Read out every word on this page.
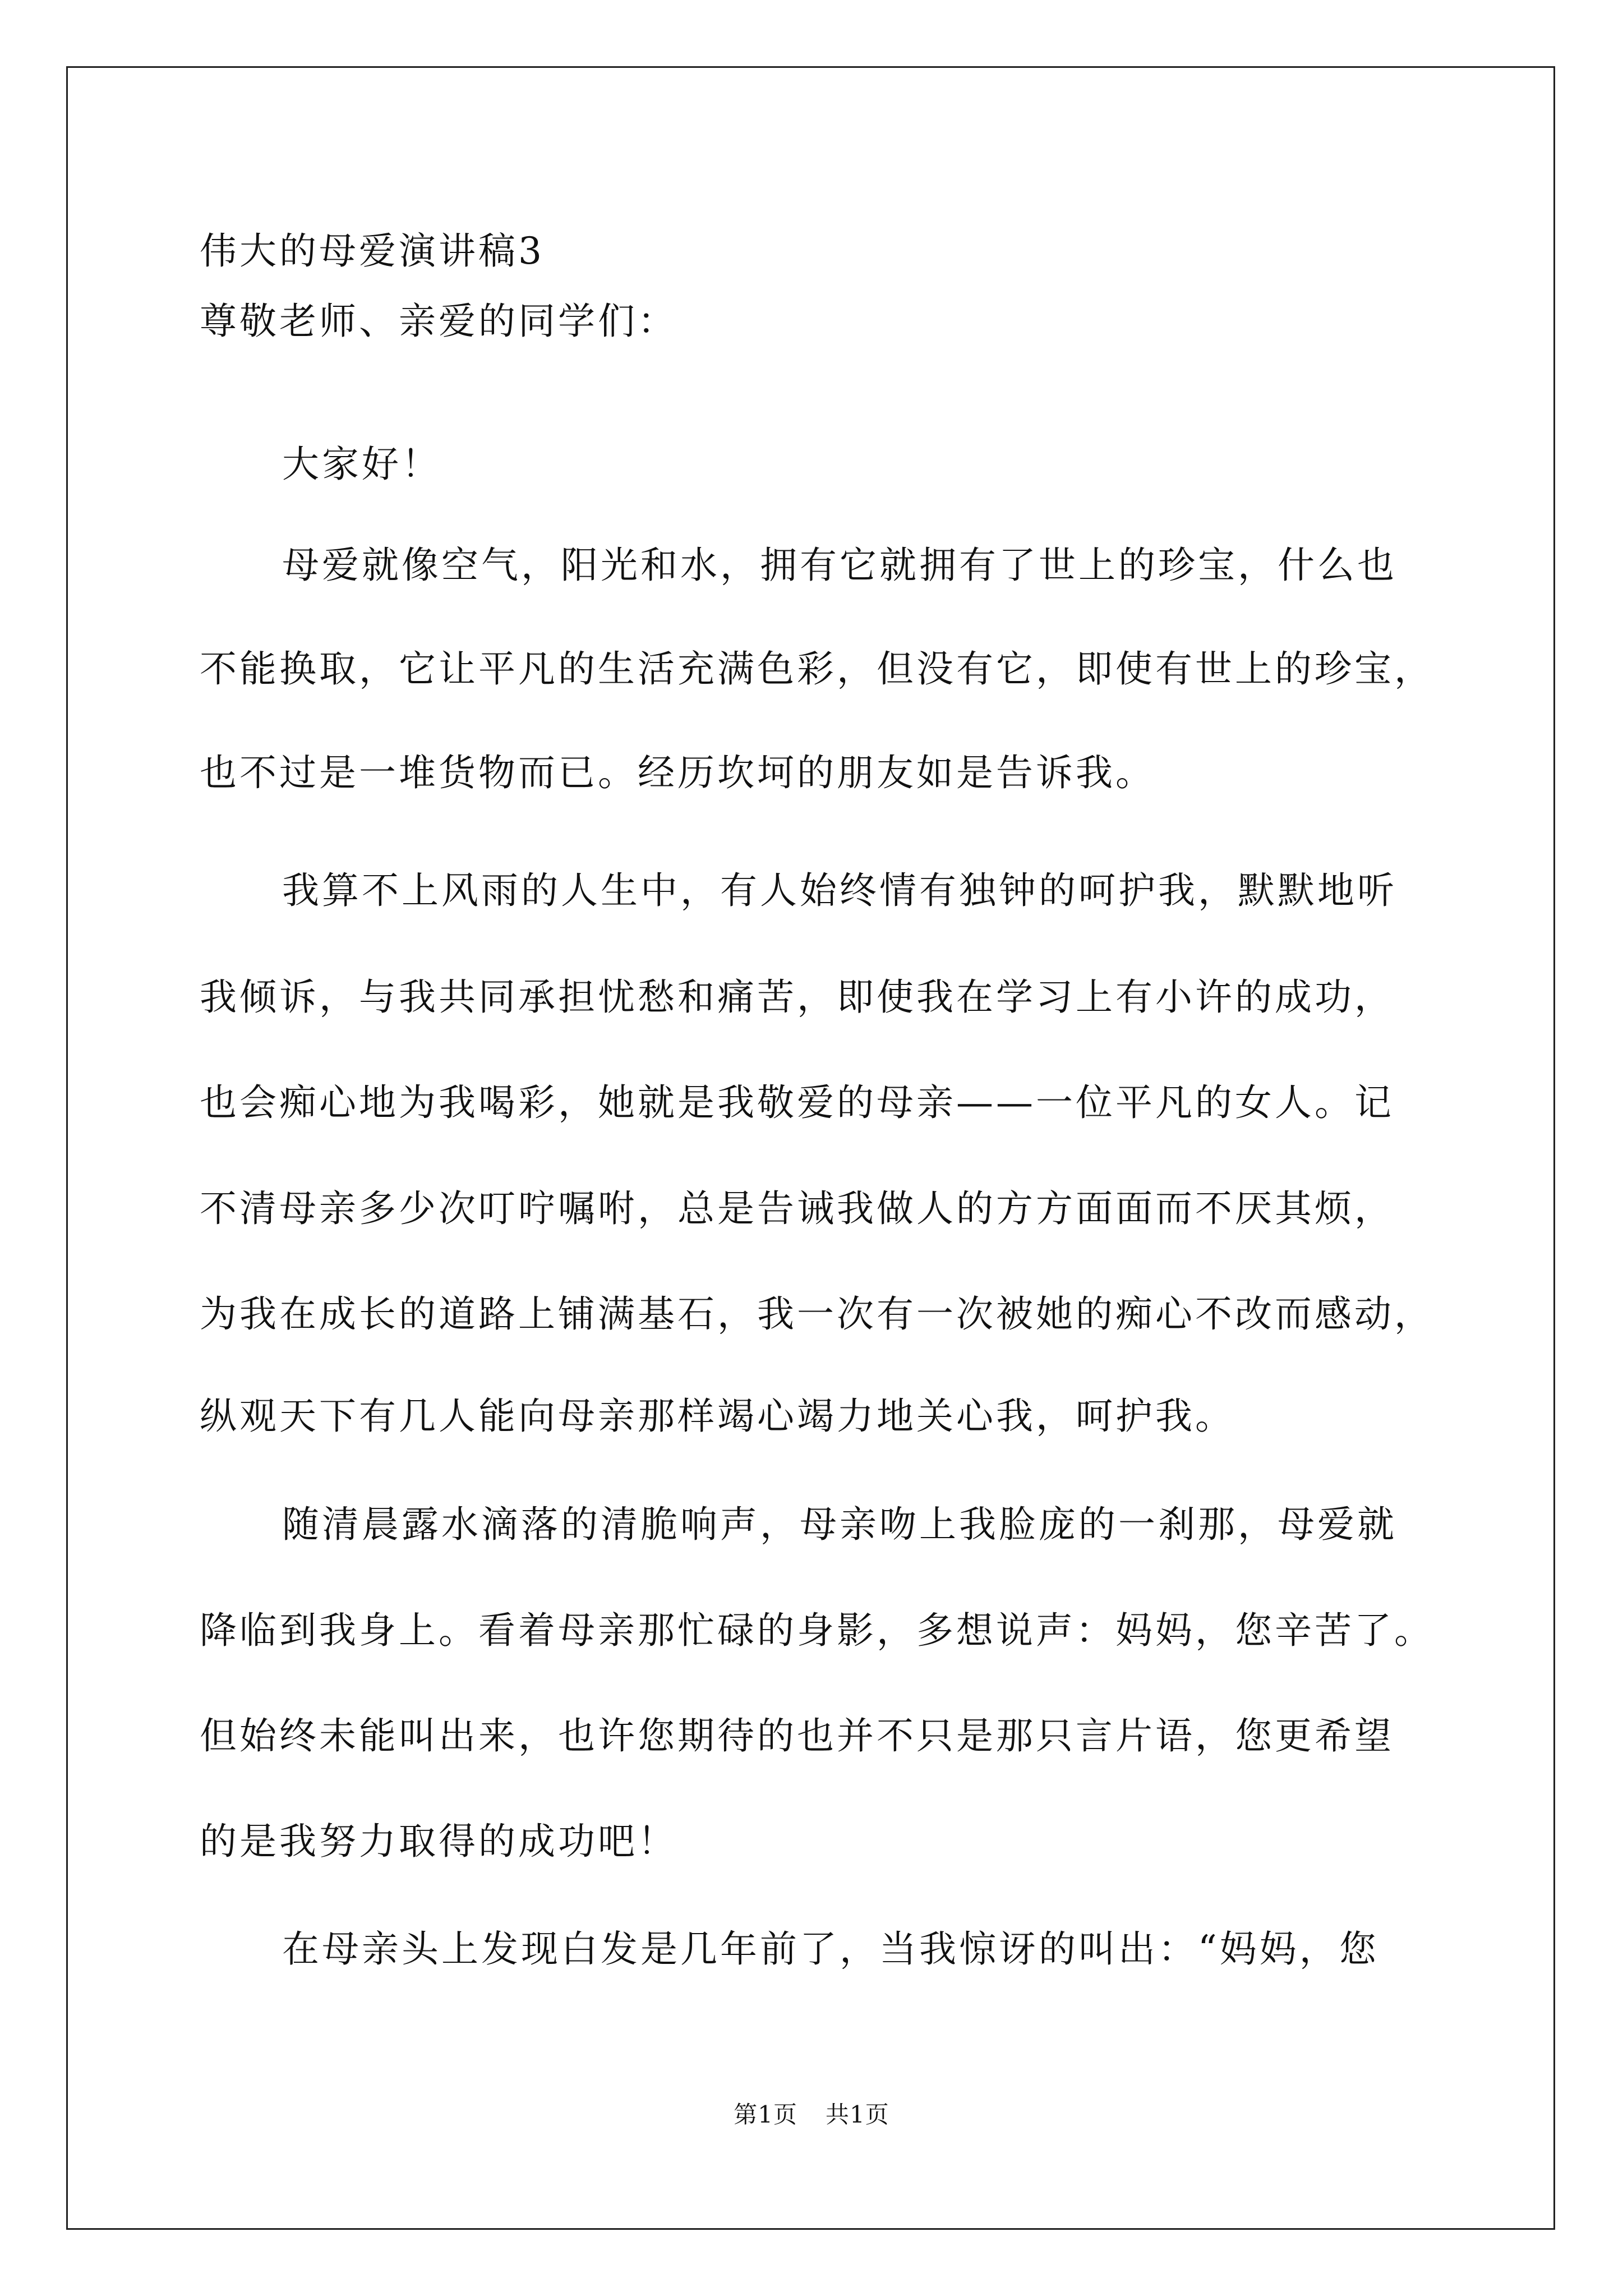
伟大的母爱演讲稿3
尊敬老师、亲爱的同学们：
大家好！
母爱就像空气，阳光和水，拥有它就拥有了世上的珍宝，什么也
不能换取，它让平凡的生活充满色彩，但没有它，即使有世上的珍宝，
也不过是一堆货物而已。经历坎坷的朋友如是告诉我。
我算不上风雨的人生中，有人始终情有独钟的呵护我，默默地听
我倾诉，与我共同承担忧愁和痛苦，即使我在学习上有小许的成功，
也会痴心地为我喝彩，她就是我敬爱的母亲——一位平凡的女人。记
不清母亲多少次叮咛嘱咐，总是告诫我做人的方方面面而不厌其烦，
为我在成长的道路上铺满基石，我一次有一次被她的痴心不改而感动，
纵观天下有几人能向母亲那样竭心竭力地关心我，呵护我。
随清晨露水滴落的清脆响声，母亲吻上我脸庞的一刹那，母爱就
降临到我身上。看着母亲那忙碌的身影，多想说声：妈妈，您辛苦了。
但始终未能叫出来，也许您期待的也并不只是那只言片语，您更希望
的是我努力取得的成功吧！
在母亲头上发现白发是几年前了，当我惊讶的叫出：“妈妈，您
第1页 共1页
